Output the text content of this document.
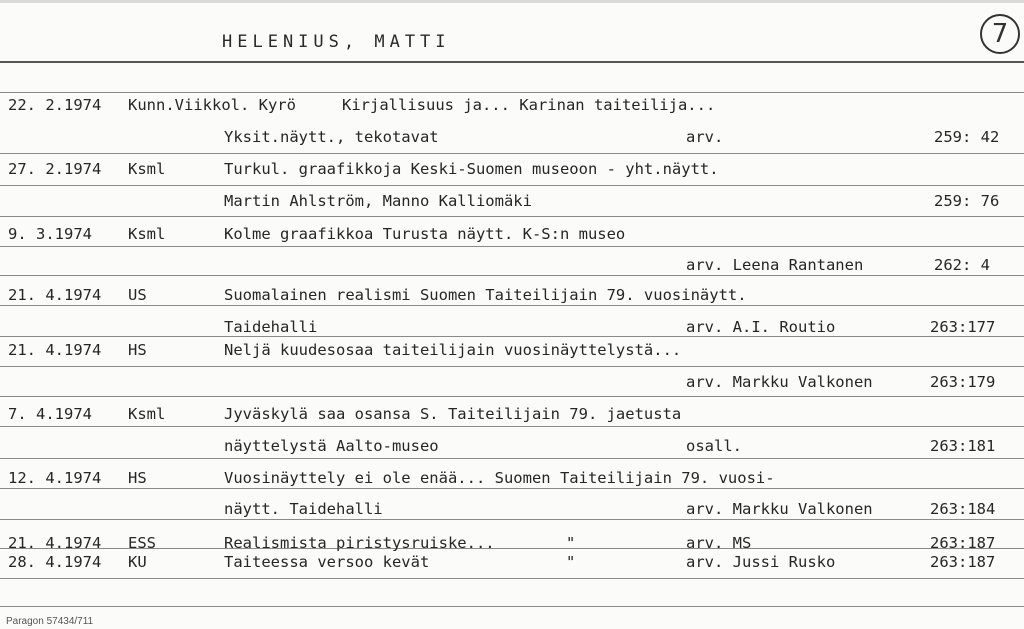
HELENIUS, MATTI	7
22. 2.1974 Kunn.Viikkol. Kyrö	Kirjallisuus ja... Karinan taiteilija...
Yksit.näytt., tekotavat	arv.	259: 42
27. 2.1974 Ksml	Turkul. graafikkoja Keski-Suomen museoon - yht.näytt.
Martin Ahlström, Manno Kalliomäki	259: 76
9. 3.1974 Ksml	Kolme graafikkoa Turusta näytt. K-S:n museo
arv. Leena Rantanen	262: 4
21. 4.1974 US	Suomalainen realismi Suomen Taiteilijain 79. vuosinäytt.
Taidehalli	arv. A.I. Routio	263:177
21. 4.1974 HS	Neljä kuudesosaa taiteilijain vuosinäyttelystä...
arv. Markku Valkonen	263:179
7. 4.1974 Ksml	Jyväskylä saa osansa S. Taiteilijain 79. jaetusta
näyttelystä Aalto-museo	osall.	263:181
12. 4.1974 HS	Vuosinäyttely ei ole enää... Suomen Taiteilijain 79. vuosi-
näytt. Taidehalli	arv. Markku Valkonen	263:184
21. 4.1974 ESS	Realismista piristysruiske...	"	arv. MS	263:187
28. 4.1974 KU	Taiteessa versoo kevät	"	arv. Jussi Rusko	263:187
Paragon 57434/711
